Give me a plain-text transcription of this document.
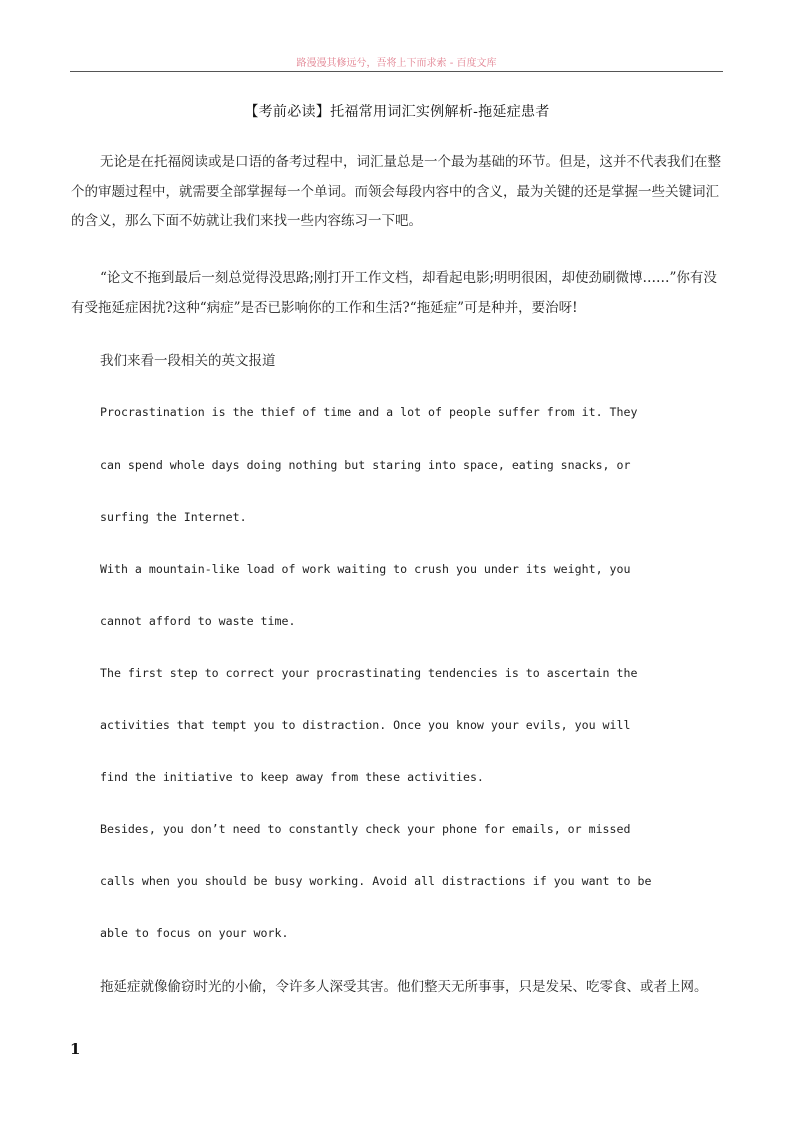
路漫漫其修远兮，吾将上下而求索 - 百度文库
【考前必读】托福常用词汇实例解析-拖延症患者
无论是在托福阅读或是口语的备考过程中，词汇量总是一个最为基础的环节。但是，这并不代表我们在整个的审题过程中，就需要全部掌握每一个单词。而领会每段内容中的含义，最为关键的还是掌握一些关键词汇的含义，那么下面不妨就让我们来找一些内容练习一下吧。
“论文不拖到最后一刻总觉得没思路;刚打开工作文档，却看起电影;明明很困，却使劲刷微博……”你有没有受拖延症困扰?这种“病症”是否已影响你的工作和生活?“拖延症”可是种并，要治呀!
我们来看一段相关的英文报道
Procrastination is the thief of time and a lot of people suffer from it. They
can spend whole days doing nothing but staring into space, eating snacks, or
surfing the Internet.
With a mountain-like load of work waiting to crush you under its weight, you
cannot afford to waste time.
The first step to correct your procrastinating tendencies is to ascertain the
activities that tempt you to distraction. Once you know your evils, you will
find the initiative to keep away from these activities.
Besides, you don’t need to constantly check your phone for emails, or missed
calls when you should be busy working. Avoid all distractions if you want to be
able to focus on your work.
拖延症就像偷窃时光的小偷，令许多人深受其害。他们整天无所事事，只是发呆、吃零食、或者上网。
1
